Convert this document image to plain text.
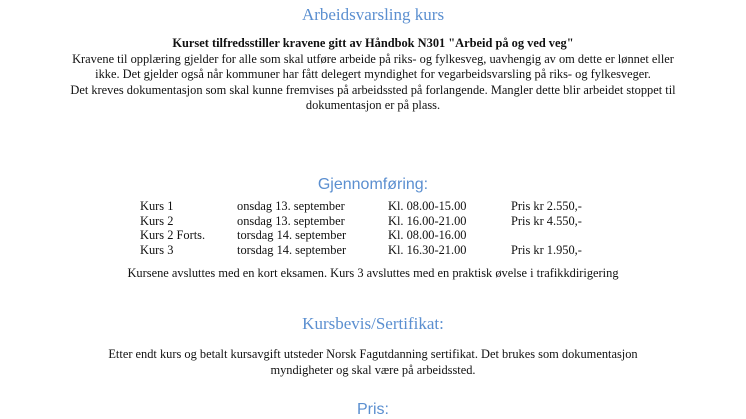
Arbeidsvarsling kurs
Kurset tilfredsstiller kravene gitt av Håndbok N301 "Arbeid på og ved veg"
Kravene til opplæring gjelder for alle som skal utføre arbeide på riks- og fylkesveg, uavhengig av om dette er lønnet eller ikke. Det gjelder også når kommuner har fått delegert myndighet for vegarbeidsvarsling på riks- og fylkesveger.
Det kreves dokumentasjon som skal kunne fremvises på arbeidssted på forlangende. Mangler dette blir arbeidet stoppet til dokumentasjon er på plass.
Gjennomføring:
Kurs 1	onsdag 13. september	Kl. 08.00-15.00	Pris kr 2.550,-
Kurs 2	onsdag 13. september	Kl. 16.00-21.00	Pris kr 4.550,-
Kurs 2 Forts.	torsdag 14. september	Kl. 08.00-16.00
Kurs 3	torsdag 14. september	Kl. 16.30-21.00	Pris kr 1.950,-
Kursene avsluttes med en kort eksamen. Kurs 3 avsluttes med en praktisk øvelse i trafikkdirigering
Kursbevis/Sertifikat:
Etter endt kurs og betalt kursavgift utsteder Norsk Fagutdanning sertifikat. Det brukes som dokumentasjon myndigheter og skal være på arbeidssted.
Pris:
